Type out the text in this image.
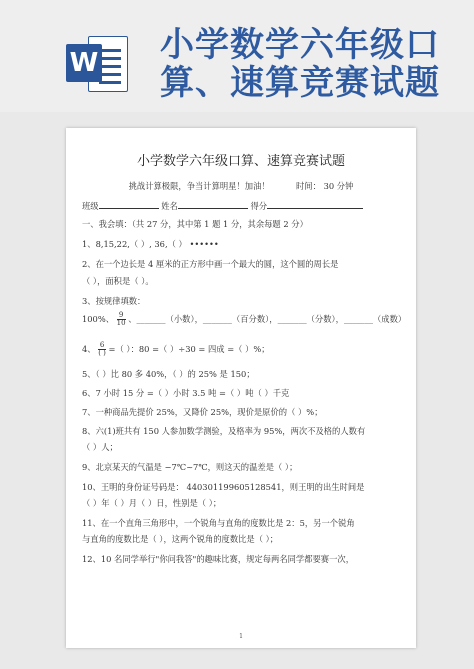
W 小学数学六年级口
算、速算竞赛试题
小学数学六年级口算、速算竞赛试题
挑战计算极限，争当计算明星！加油！	时间： 30 分钟
班级	姓名	得分
一、我会填：（共 27 分，其中第 1 题 1 分，其余每题 2 分）
1、8,15,22,（ ）, 36,（ ） ••••••
2、在一个边长是 4 厘米的正方形中画一个最大的圆，这个圆的周长是
（ ），面积是（ ）。
3、按规律填数：
100%、 $\frac{9}{10}$ 、_______（小数），_______（百分数），_______（分数），_______（成数）
4、 $\frac{6}{( )}$ =（ ）：80 =（ ）÷30 = 四成 =（ ）%；
5、（ ）比 80 多 40%，（ ）的 25% 是 150；
6、7 小时 15 分 =（ ）小时 3.5 吨 =（ ）吨（ ）千克
7、一种商品先提价 25%，又降价 25%，现价是原价的（ ）%；
8、六(1)班共有 150 人参加数学测验，及格率为 95%，两次不及格的人数有
（ ）人；
9、北京某天的气温是 −7℃~7℃，则这天的温差是（ ）；
10、王明的身份证号码是： 440301199605128541，则王明的出生时间是
（ ）年（ ）月（ ）日，性别是（ ）；
11、在一个直角三角形中，一个锐角与直角的度数比是 2：5，另一个锐角
与直角的度数比是（ ），这两个锐角的度数比是（ ）；
12、10 名同学举行"你问我答"的趣味比赛，规定每两名同学都要赛一次，
1
